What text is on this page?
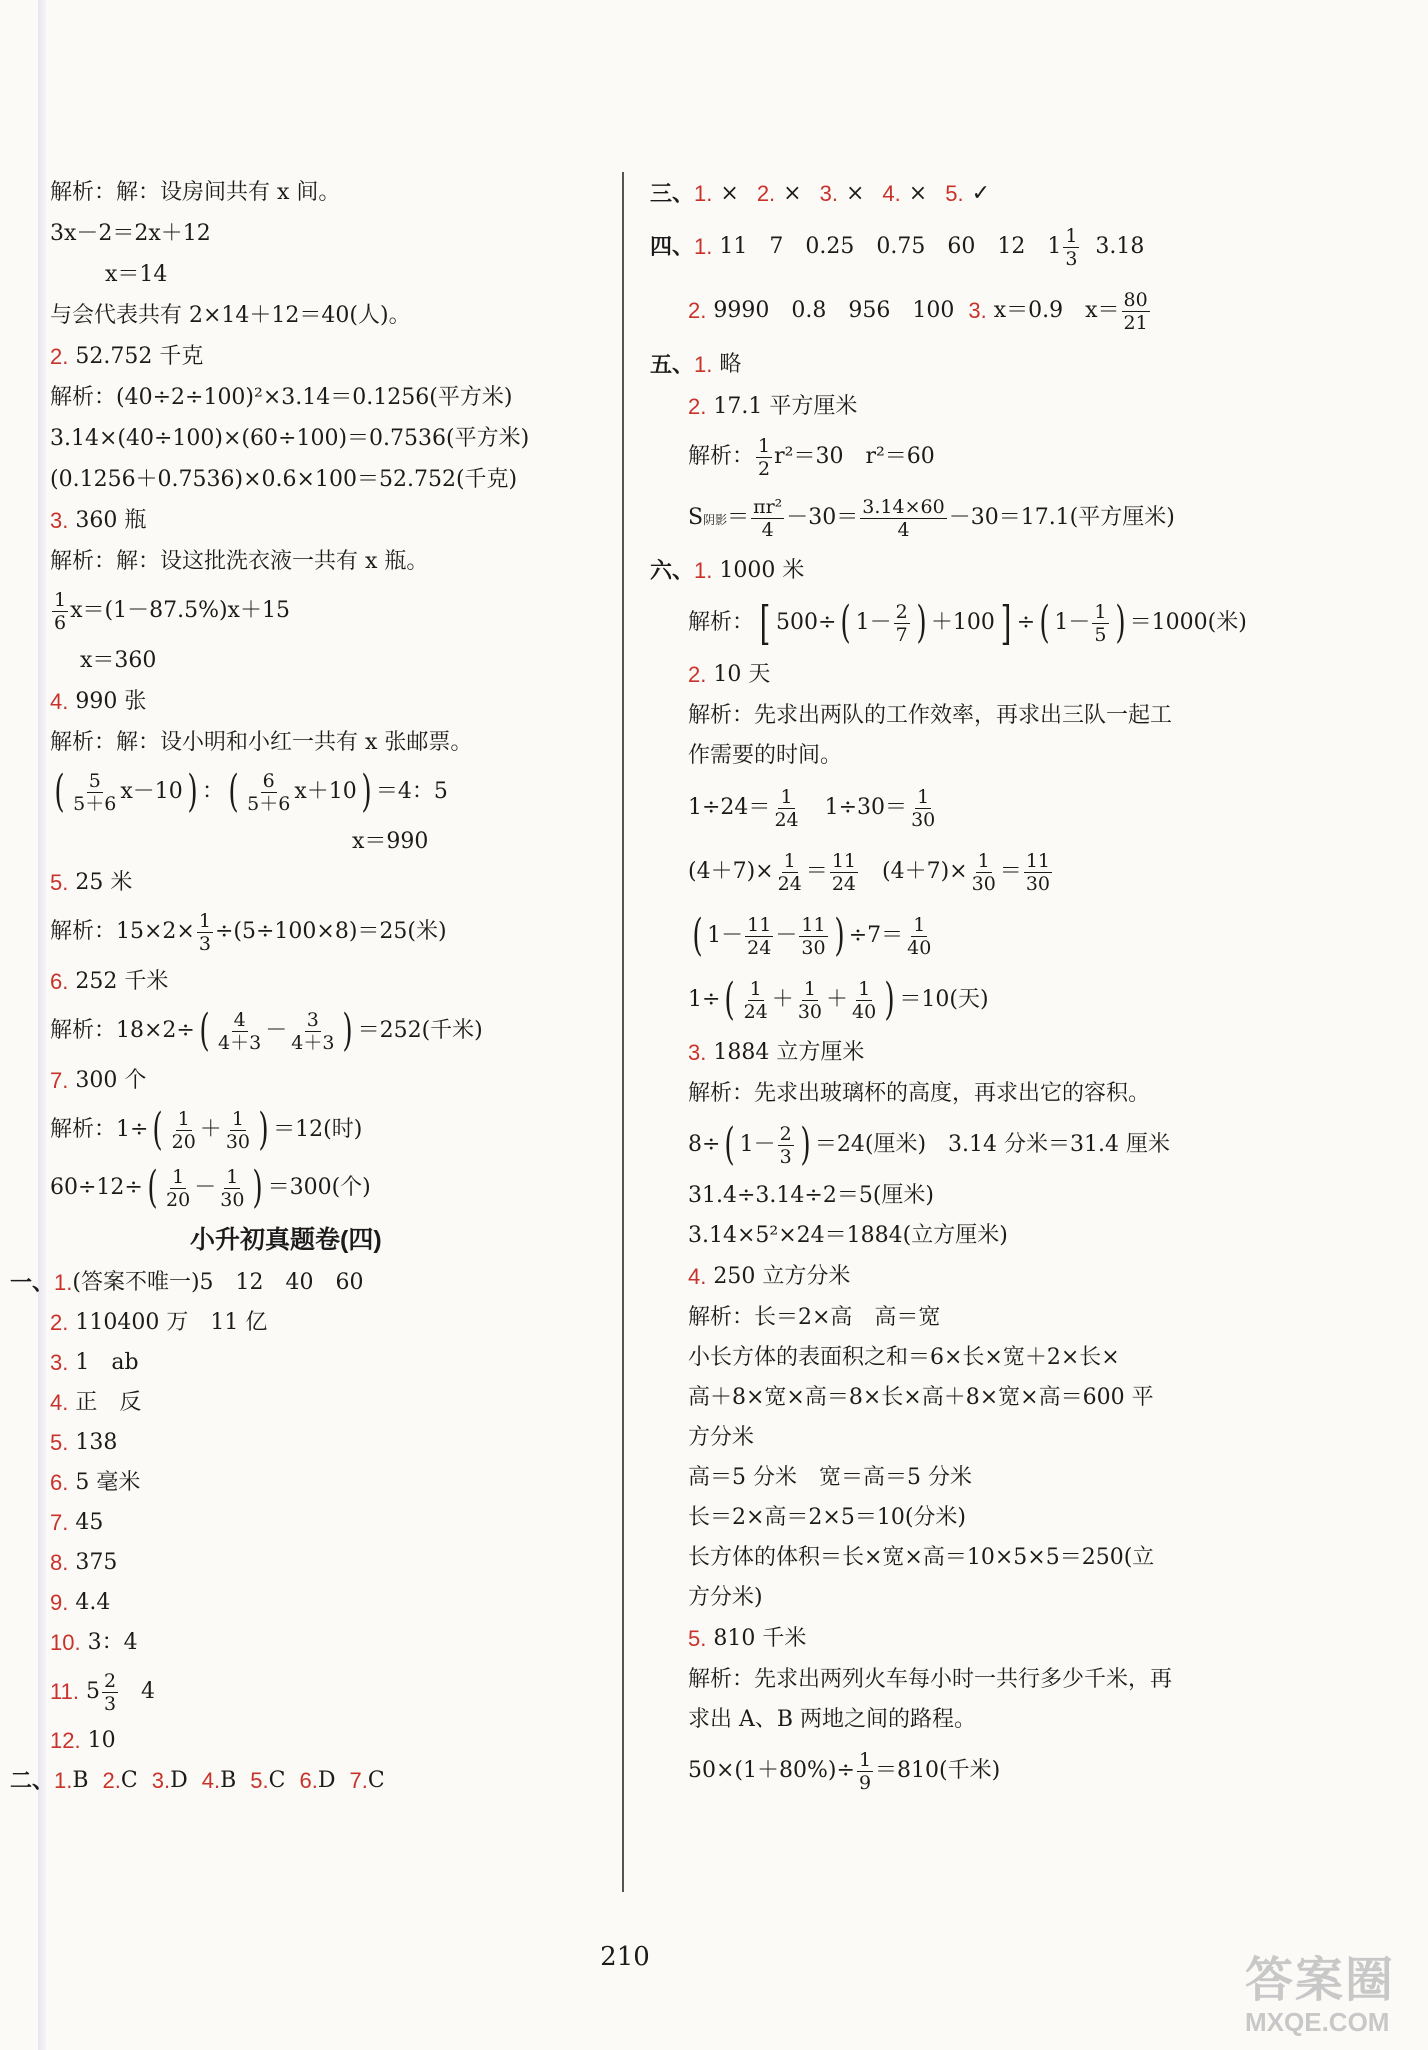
解析：解：设房间共有 x 间。
3x－2＝2x＋12
x＝14
与会代表共有 2×14＋12＝40(人)。
2.
52.752 千克
解析：(40÷2÷100)²×3.14＝0.1256(平方米)
3.14×(40÷100)×(60÷100)＝0.7536(平方米)
(0.1256＋0.7536)×0.6×100＝52.752(千克)
3.
360 瓶
解析：解：设这批洗衣液一共有 x 瓶。
$\frac{1}{6} x=(1-87.5\%)x+15$
x＝360
4.
990 张
解析：解：设小明和小红一共有 x 张邮票。
( $\frac{5}{5+6} x-10$ ) ： ( $\frac{6}{5+6} x+10$ ) ＝4：5
x＝990
5.
25 米
解析：$15\times 2\times \frac{1}{3} \div(5\div 100\times 8)=25$(米)
6.
252 千米
解析：18×2÷ ( $\frac{4}{4+3} - \frac{3}{4+3}$ ) ＝252(千米)
7.
300 个
解析：1÷ ( $\frac{1}{20} + \frac{1}{30}$ ) ＝12(时)
60÷12÷ ( $\frac{1}{20} - \frac{1}{30}$ ) ＝300(个)
小升初真题卷(四)
一、 1. (答案不唯一)5　12　40　60
2.
110400 万　11 亿
3.
1　ab
4.
正　反
5.
138
6.
5 毫米
7.
45
8.
375
9.
4.4
10.
3：4
11.
$5 \frac{2}{3}$
4
12.
10
二、 1. B
2. C
3. D
4. B
5. C
6. D
7. C
三、 1. × 2. × 3. × 4. × 5. ✓
四、 1.
11　7　0.25　0.75　60　12　$1 \frac{1}{3}$
3.18
2.
9990　0.8　956　100
3.
x＝0.9　$x= \frac{80}{21}$
五、 1.
略
2.
17.1 平方厘米
解析： $\frac{1}{2} r^2=30$　r²＝60
S 阴影 ＝ $\frac{\text{πr²}}{4} -30= \frac{3.14\times 60}{4} -30=17.1$(平方厘米)
六、 1.
1000 米
解析： [ 500÷ ( $1- \frac{2}{7}$ ) ＋100 ] ÷ ( $1- \frac{1}{5}$ ) ＝1000(米)
2.
10 天
解析：先求出两队的工作效率，再求出三队一起工
作需要的时间。
$1\div 24= \frac{1}{24}$ 　$1\div 30= \frac{1}{30}$
$(4+7)\times \frac{1}{24} = \frac{11}{24}$ 　$(4+7)\times \frac{1}{30} = \frac{11}{30}$
( $1- \frac{11}{24} - \frac{11}{30}$ ) $\div 7= \frac{1}{40}$
1÷ ( $\frac{1}{24} + \frac{1}{30} + \frac{1}{40}$ ) ＝10(天)
3.
1884 立方厘米
解析：先求出玻璃杯的高度，再求出它的容积。
8÷ ( $1- \frac{2}{3}$ ) ＝24(厘米)　3.14 分米＝31.4 厘米
31.4÷3.14÷2＝5(厘米)
3.14×5²×24＝1884(立方厘米)
4.
250 立方分米
解析：长＝2×高　高＝宽
小长方体的表面积之和＝6×长×宽＋2×长×
高＋8×宽×高＝8×长×高＋8×宽×高＝600 平
方分米
高＝5 分米　宽＝高＝5 分米
长＝2×高＝2×5＝10(分米)
长方体的体积＝长×宽×高＝10×5×5＝250(立
方分米)
5.
810 千米
解析：先求出两列火车每小时一共行多少千米，再
求出 A、B 两地之间的路程。
$50\times(1+80\%)\div \frac{1}{9} =810$(千米)
210	答案圈
MXQE.COM
